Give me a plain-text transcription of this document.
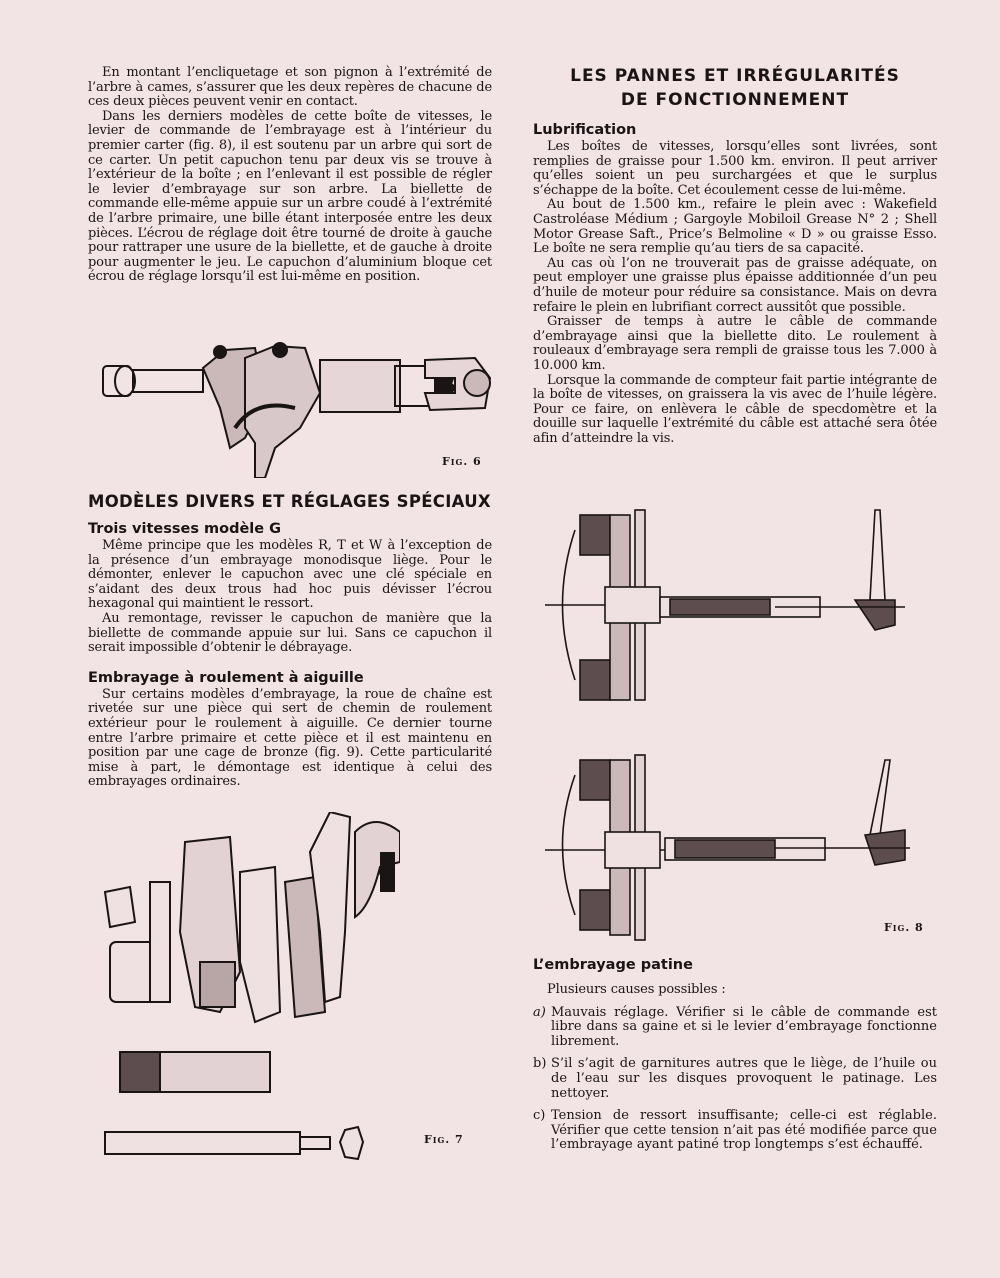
En montant l’encliquetage et son pignon à l’extrémité de l’arbre à cames, s’assurer que les deux repères de chacune de ces deux pièces peuvent venir en contact.

Dans les derniers modèles de cette boîte de vitesses, le levier de commande de l’embrayage est à l’intérieur du premier carter (fig. 8), il est soutenu par un arbre qui sort de ce carter. Un petit capuchon tenu par deux vis se trouve à l’extérieur de la boîte ; en l’enlevant il est possible de régler le levier d’embrayage sur son arbre. La biellette de commande elle-même appuie sur un arbre coudé à l’extrémité de l’arbre primaire, une bille étant interposée entre les deux pièces. L’écrou de réglage doit être tourné de droite à gauche pour rattraper une usure de la biellette, et de gauche à droite pour augmenter le jeu. Le capuchon d’aluminium bloque cet écrou de réglage lorsqu’il est lui-même en position.

Fig. 6
MODÈLES DIVERS ET RÉGLAGES SPÉCIAUX
Trois vitesses modèle G

Même principe que les modèles R, T et W à l’exception de la présence d’un embrayage monodisque liège. Pour le démonter, enlever le capuchon avec une clé spéciale en s’aidant des deux trous had hoc puis dévisser l’écrou hexagonal qui maintient le ressort.

Au remontage, revisser le capuchon de manière que la biellette de commande appuie sur lui. Sans ce capuchon il serait impossible d’obtenir le débrayage.

Embrayage à roulement à aiguille

Sur certains modèles d’embrayage, la roue de chaîne est rivetée sur une pièce qui sert de chemin de roulement extérieur pour le roulement à aiguille. Ce dernier tourne entre l’arbre primaire et cette pièce et il est maintenu en position par une cage de bronze (fig. 9). Cette particularité mise à part, le démontage est identique à celui des embrayages ordinaires.

Fig. 7
LES PANNES ET IRRÉGULARITÉS
DE FONCTIONNEMENT
Lubrification

Les boîtes de vitesses, lorsqu’elles sont livrées, sont remplies de graisse pour 1.500 km. environ. Il peut arriver qu’elles soient un peu surchargées et que le surplus s’échappe de la boîte. Cet écoulement cesse de lui-même.

Au bout de 1.500 km., refaire le plein avec : Wakefield Castroléase Médium ; Gargoyle Mobiloil Grease N° 2 ; Shell Motor Grease Saft., Price’s Belmoline « D » ou graisse Esso. Le boîte ne sera remplie qu’au tiers de sa capacité.

Au cas où l’on ne trouverait pas de graisse adéquate, on peut employer une graisse plus épaisse additionnée d’un peu d’huile de moteur pour réduire sa consistance. Mais on devra refaire le plein en lubrifiant correct aussitôt que possible.

Graisser de temps à autre le câble de commande d’embrayage ainsi que la biellette dito. Le roulement à rouleaux d’embrayage sera rempli de graisse tous les 7.000 à 10.000 km.

Lorsque la commande de compteur fait partie intégrante de la boîte de vitesses, on graissera la vis avec de l’huile légère. Pour ce faire, on enlèvera le câble de specdomètre et la douille sur laquelle l’extrémité du câble est attaché sera ôtée afin d’atteindre la vis.

Fig. 8
L’embrayage patine

Plusieurs causes possibles :

a) Mauvais réglage. Vérifier si le câble de commande est libre dans sa gaine et si le levier d’embrayage fonctionne librement.
b) S’il s’agit de garnitures autres que le liège, de l’huile ou de l’eau sur les disques provoquent le patinage. Les nettoyer.
c) Tension de ressort insuffisante; celle-ci est réglable. Vérifier que cette tension n’ait pas été modifiée parce que l’embrayage ayant patiné trop longtemps s’est échauffé.
